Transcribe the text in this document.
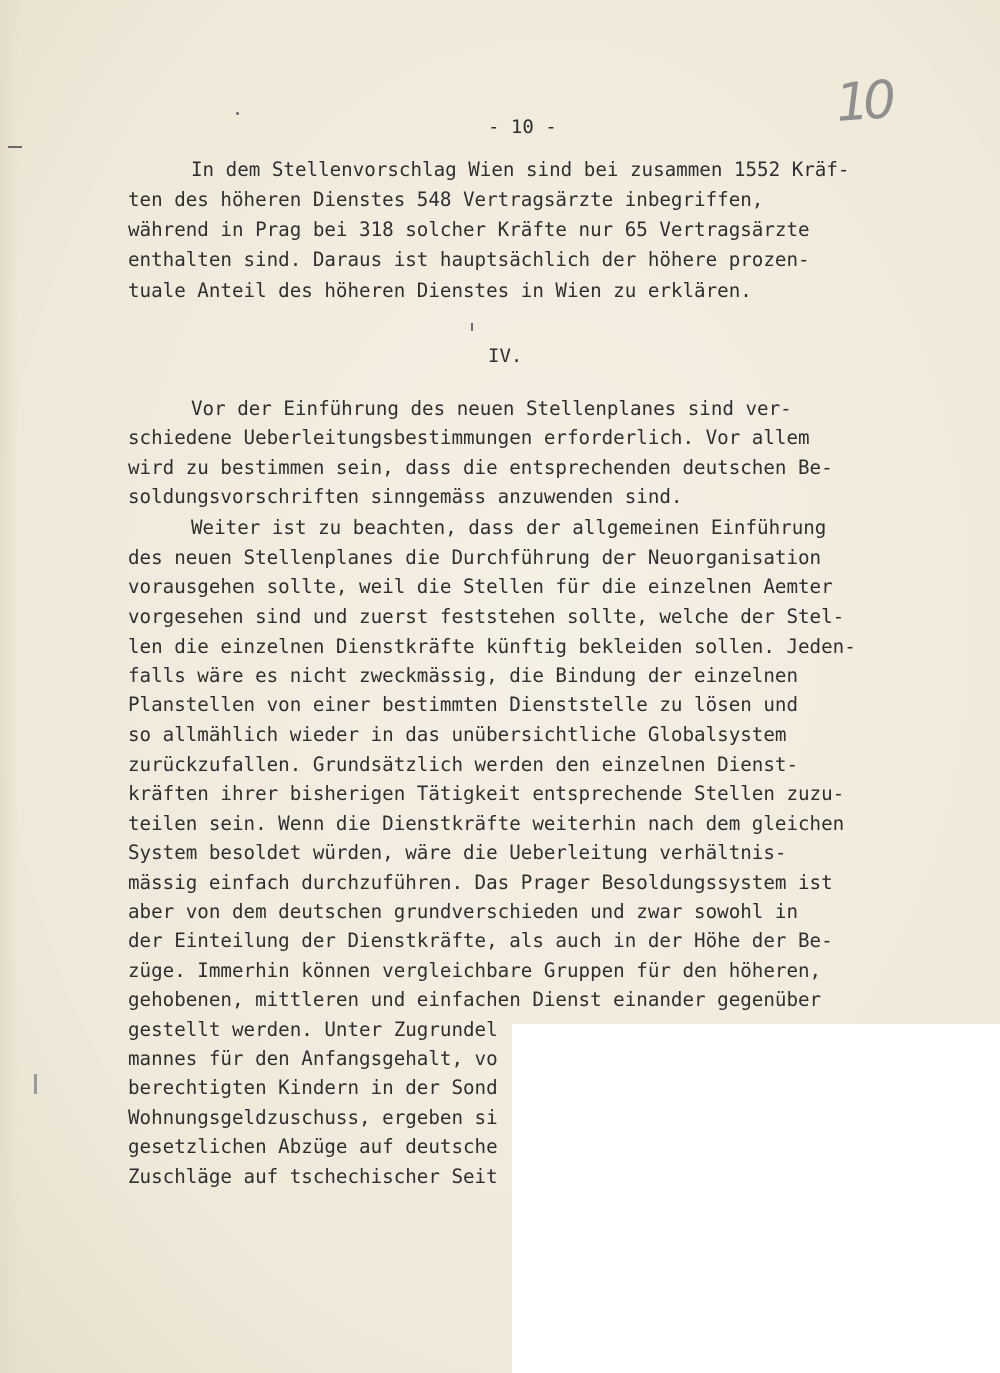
10
- 10 -
In dem Stellenvorschlag Wien sind bei zusammen 1552 Kräf-
ten des höheren Dienstes 548 Vertragsärzte inbegriffen,
während in Prag bei 318 solcher Kräfte nur 65 Vertragsärzte
enthalten sind. Daraus ist hauptsächlich der höhere prozen-
tuale Anteil des höheren Dienstes in Wien zu erklären.
IV.
Vor der Einführung des neuen Stellenplanes sind ver-
schiedene Ueberleitungsbestimmungen erforderlich. Vor allem
wird zu bestimmen sein, dass die entsprechenden deutschen Be-
soldungsvorschriften sinngemäss anzuwenden sind.
Weiter ist zu beachten, dass der allgemeinen Einführung
des neuen Stellenplanes die Durchführung der Neuorganisation
vorausgehen sollte, weil die Stellen für die einzelnen Aemter
vorgesehen sind und zuerst feststehen sollte, welche der Stel-
len die einzelnen Dienstkräfte künftig bekleiden sollen. Jeden-
falls wäre es nicht zweckmässig, die Bindung der einzelnen
Planstellen von einer bestimmten Dienststelle zu lösen und
so allmählich wieder in das unübersichtliche Globalsystem
zurückzufallen. Grundsätzlich werden den einzelnen Dienst-
kräften ihrer bisherigen Tätigkeit entsprechende Stellen zuzu-
teilen sein. Wenn die Dienstkräfte weiterhin nach dem gleichen
System besoldet würden, wäre die Ueberleitung verhältnis-
mässig einfach durchzuführen. Das Prager Besoldungssystem ist
aber von dem deutschen grundverschieden und zwar sowohl in
der Einteilung der Dienstkräfte, als auch in der Höhe der Be-
züge. Immerhin können vergleichbare Gruppen für den höheren,
gehobenen, mittleren und einfachen Dienst einander gegenüber
gestellt werden. Unter Zugrundel
mannes für den Anfangsgehalt, vo
berechtigten Kindern in der Sond
Wohnungsgeldzuschuss, ergeben si
gesetzlichen Abzüge auf deutsche
Zuschläge auf tschechischer Seit
